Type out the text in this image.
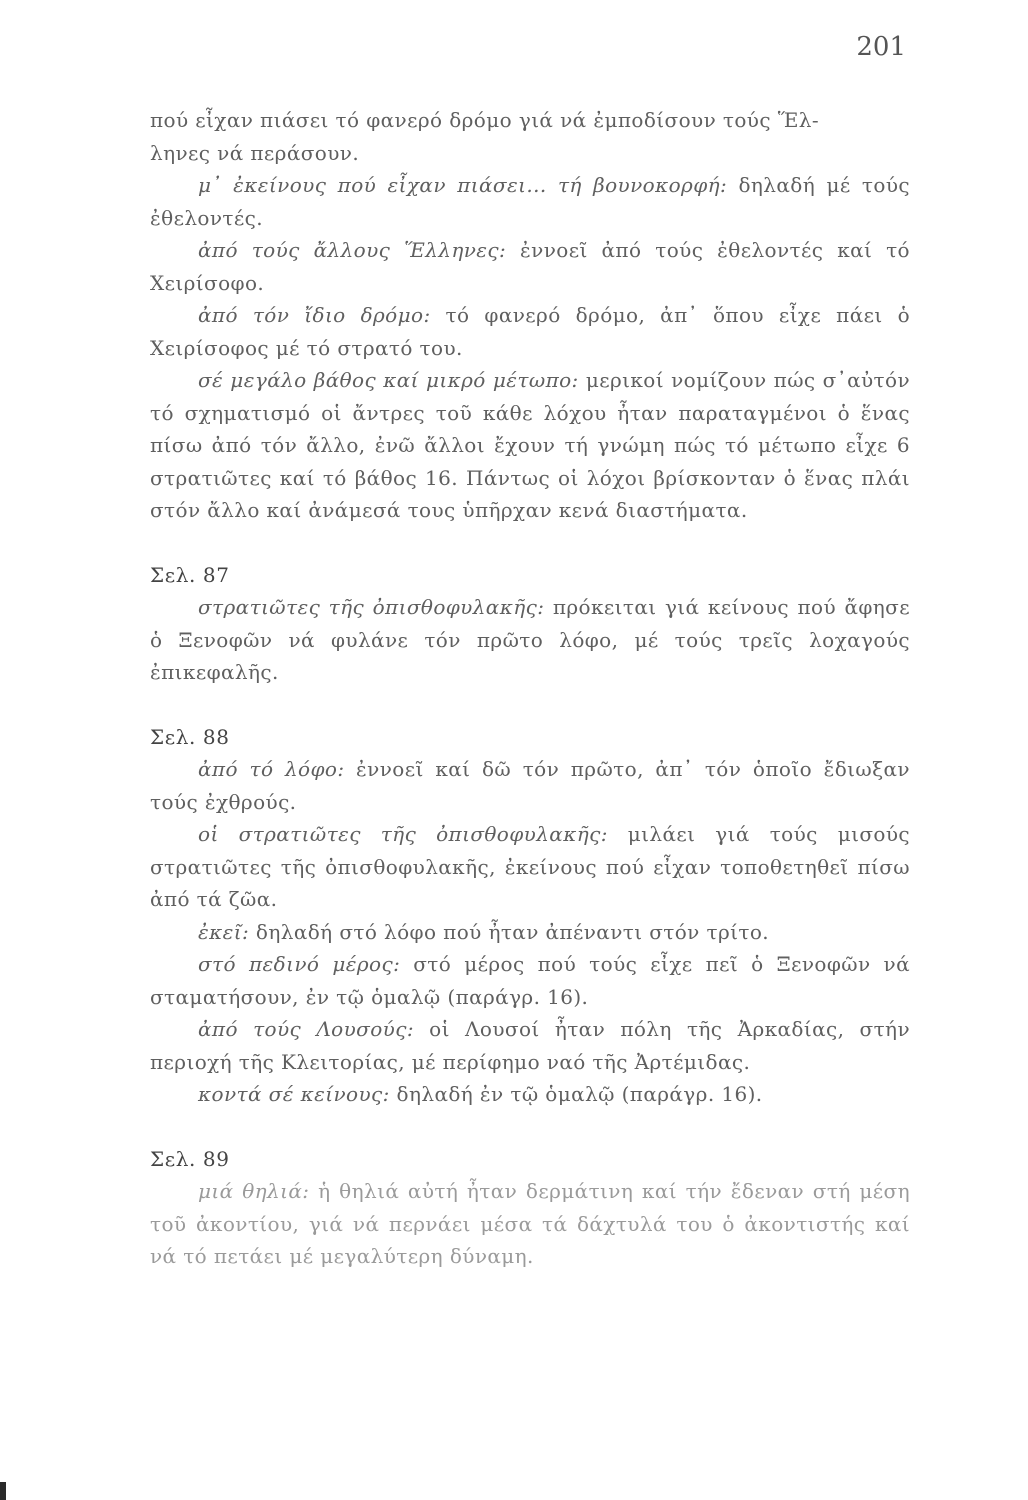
201

πού εἶχαν πιάσει τό φανερό δρόμο γιά νά ἐμποδίσουν τούς Ἕλ-
ληνες νά περάσουν.

μ᾽ ἐκείνους πού εἶχαν πιάσει... τή βουνοκορφή: δηλαδή μέ τούς ἐθελοντές.

ἀπό τούς ἄλλους Ἕλληνες: ἐννοεῖ ἀπό τούς ἐθελοντές καί τό Χειρίσοφο.

ἀπό τόν ἴδιο δρόμο: τό φανερό δρόμο, ἀπ᾽ ὅπου εἶχε πάει ὁ Χειρίσοφος μέ τό στρατό του.

σέ μεγάλο βάθος καί μικρό μέτωπο: μερικοί νομίζουν πώς σ᾽αὐτόν τό σχηματισμό οἱ ἄντρες τοῦ κάθε λόχου ἦταν παραταγμένοι ὁ ἕνας πίσω ἀπό τόν ἄλλο, ἐνῶ ἄλλοι ἔχουν τή γνώμη πώς τό μέτωπο εἶχε 6 στρατιῶτες καί τό βάθος 16. Πάντως οἱ λόχοι βρίσκονταν ὁ ἕνας πλάι στόν ἄλλο καί ἀνάμεσά τους ὑπῆρχαν κενά διαστήματα.

Σελ. 87

στρατιῶτες τῆς ὀπισθοφυλακῆς: πρόκειται γιά κείνους πού ἄφησε ὁ Ξενοφῶν νά φυλάνε τόν πρῶτο λόφο, μέ τούς τρεῖς λοχαγούς ἐπικεφαλῆς.

Σελ. 88

ἀπό τό λόφο: ἐννοεῖ καί δῶ τόν πρῶτο, ἀπ᾽ τόν ὁποῖο ἔδιωξαν τούς ἐχθρούς.

οἱ στρατιῶτες τῆς ὀπισθοφυλακῆς: μιλάει γιά τούς μισούς στρατιῶτες τῆς ὀπισθοφυλακῆς, ἐκείνους πού εἶχαν τοποθετηθεῖ πίσω ἀπό τά ζῶα.

ἐκεῖ: δηλαδή στό λόφο πού ἦταν ἀπέναντι στόν τρίτο.

στό πεδινό μέρος: στό μέρος πού τούς εἶχε πεῖ ὁ Ξενοφῶν νά σταματήσουν, ἐν τῷ ὁμαλῷ (παράγρ. 16).

ἀπό τούς Λουσούς: οἱ Λουσοί ἦταν πόλη τῆς Ἀρκαδίας, στήν περιοχή τῆς Κλειτορίας, μέ περίφημο ναό τῆς Ἀρτέμιδας.

κοντά σέ κείνους: δηλαδή ἐν τῷ ὁμαλῷ (παράγρ. 16).

Σελ. 89

μιά θηλιά: ἡ θηλιά αὐτή ἦταν δερμάτινη καί τήν ἔδεναν στή μέση τοῦ ἀκοντίου, γιά νά περνάει μέσα τά δάχτυλά του ὁ ἀκοντιστής καί νά τό πετάει μέ μεγαλύτερη δύναμη.
